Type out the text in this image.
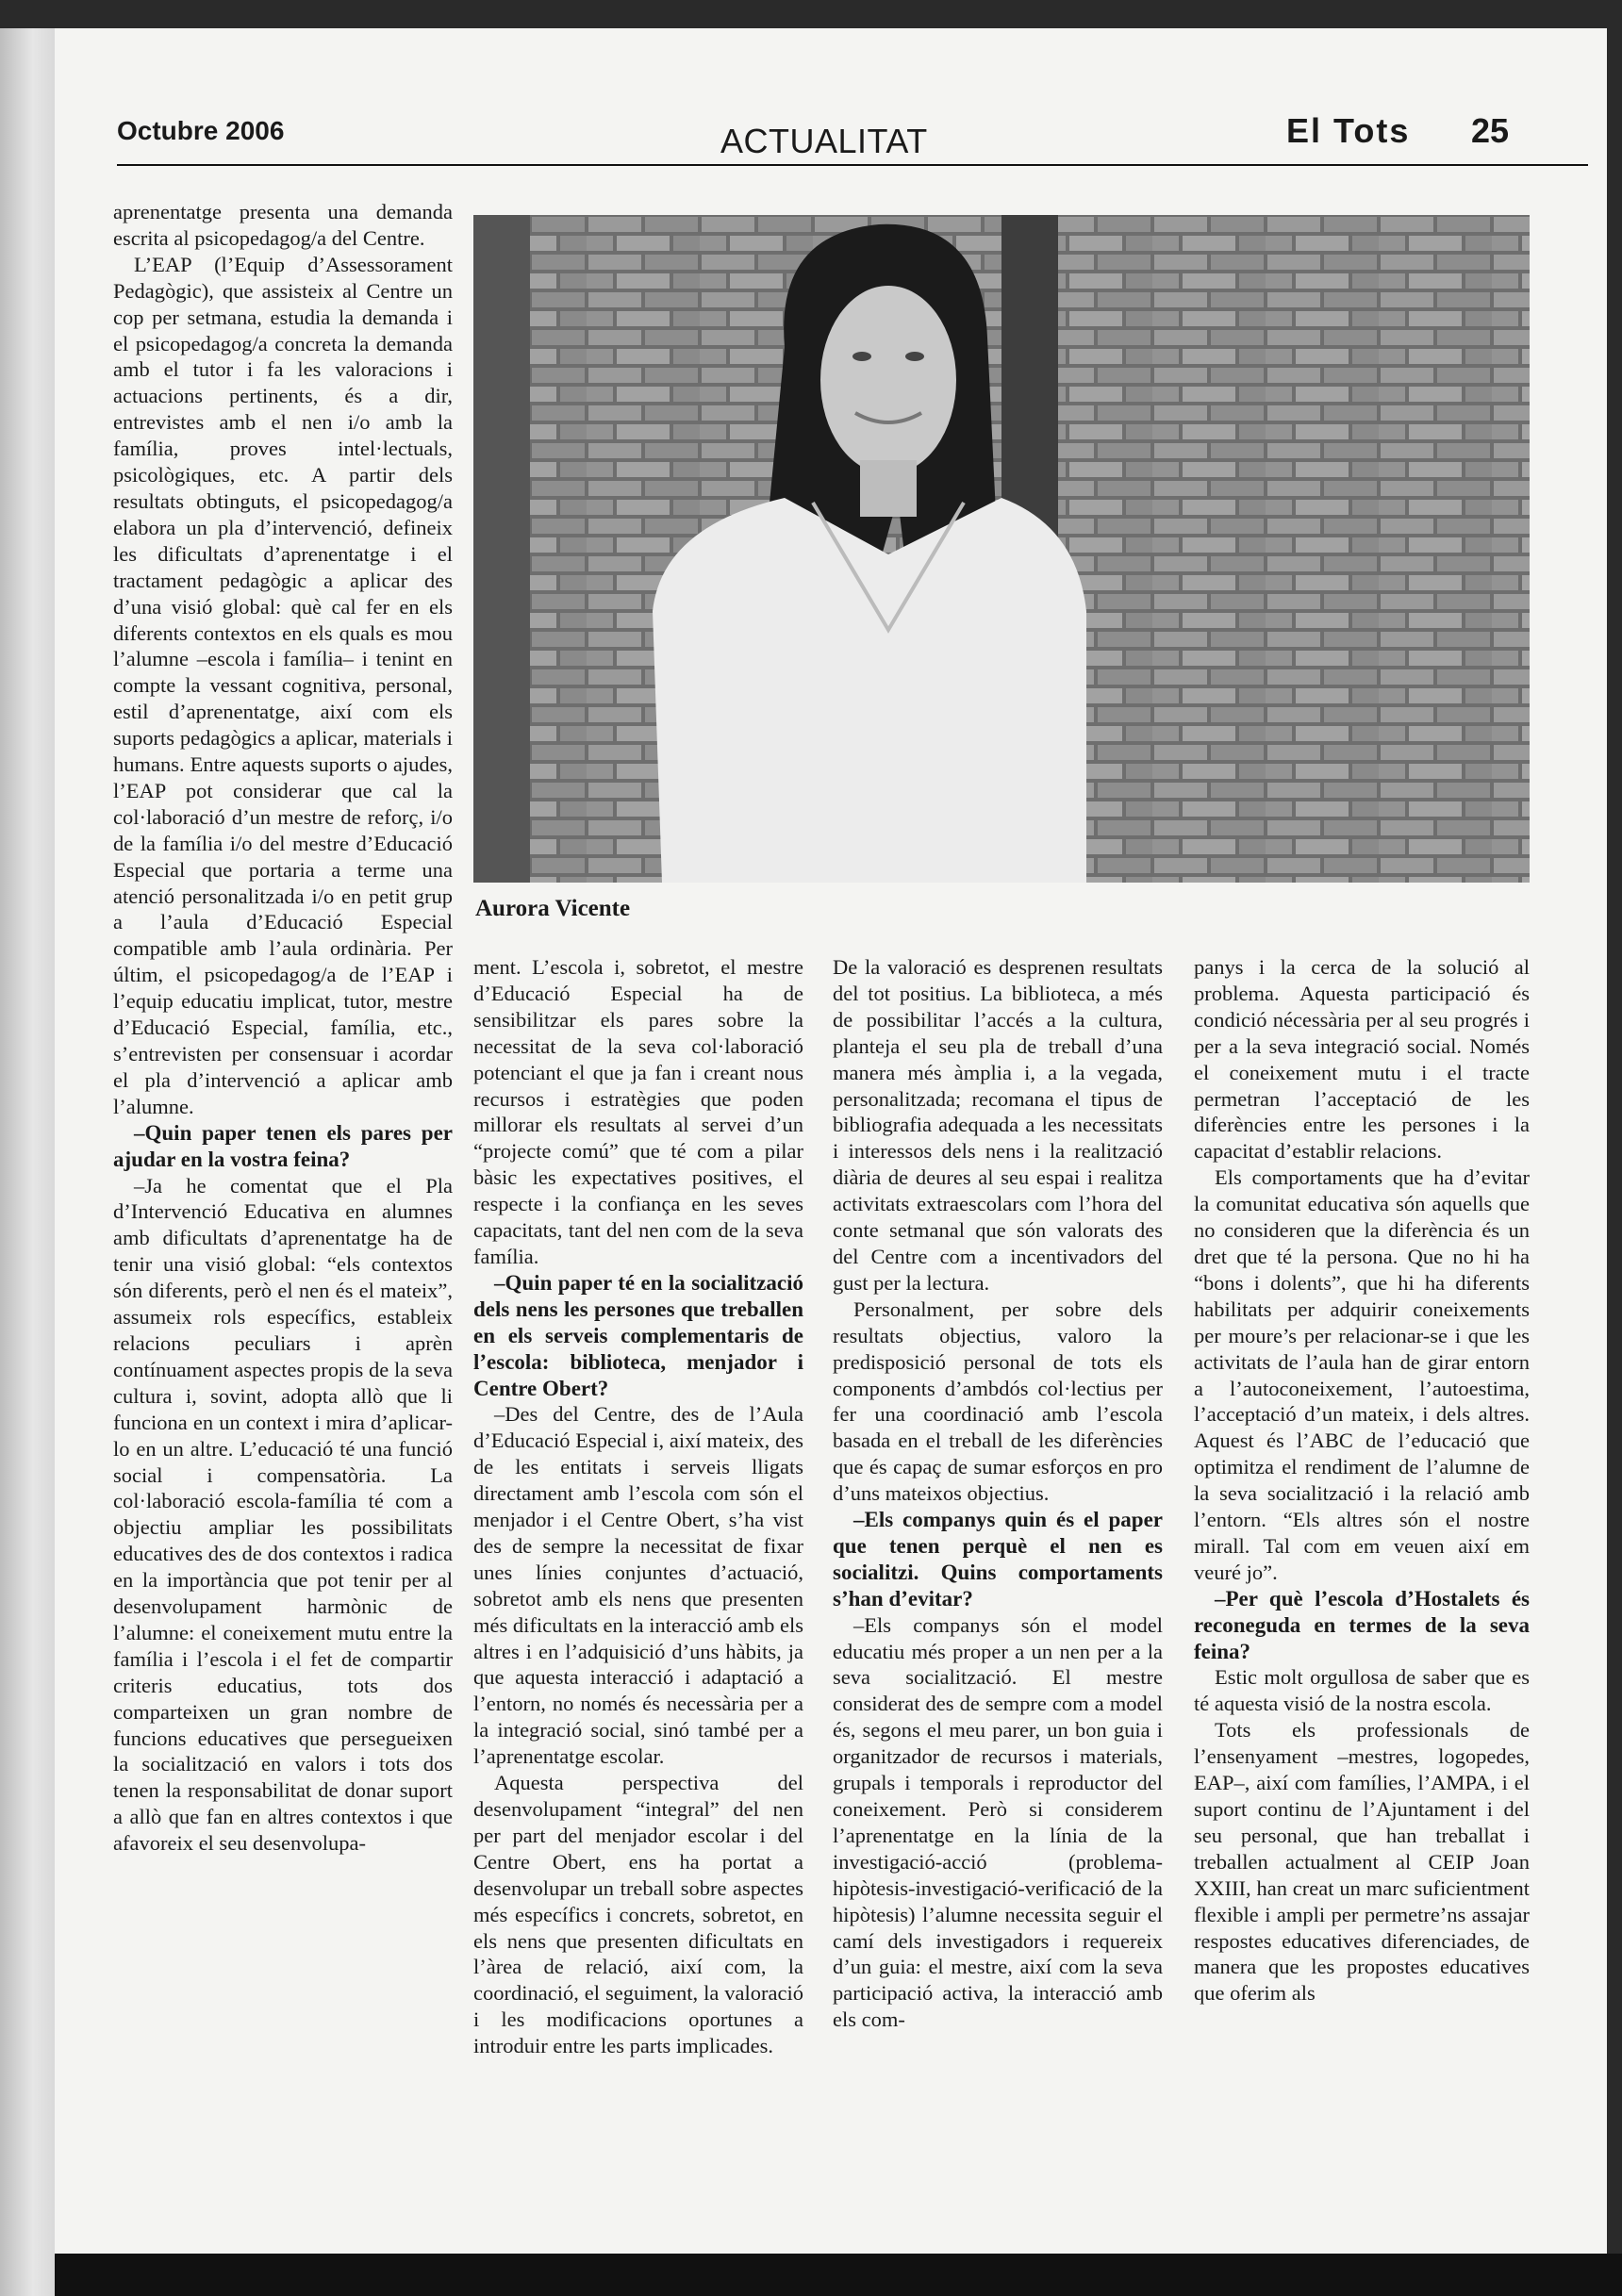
Octubre 2006	ACTUALITAT	El Tots 25

aprenentatge presenta una demanda escrita al psicopedagog/a del Centre.

L’EAP (l’Equip d’Assessorament Pedagògic), que assisteix al Centre un cop per setmana, estudia la demanda i el psicopedagog/a concreta la demanda amb el tutor i fa les valoracions i actuacions pertinents, és a dir, entrevistes amb el nen i/o amb la família, proves intel·lectuals, psicològiques, etc. A partir dels resultats obtinguts, el psicopedagog/a elabora un pla d’intervenció, defineix les dificultats d’aprenentatge i el tractament pedagògic a aplicar des d’una visió global: què cal fer en els diferents contextos en els quals es mou l’alumne –escola i família– i tenint en compte la vessant cognitiva, personal, estil d’aprenentatge, així com els suports pedagògics a aplicar, materials i humans. Entre aquests suports o ajudes, l’EAP pot considerar que cal la col·laboració d’un mestre de reforç, i/o de la família i/o del mestre d’Educació Especial que portaria a terme una atenció personalitzada i/o en petit grup a l’aula d’Educació Especial compatible amb l’aula ordinària. Per últim, el psicopedagog/a de l’EAP i l’equip educatiu implicat, tutor, mestre d’Educació Especial, família, etc., s’entrevisten per consensuar i acordar el pla d’intervenció a aplicar amb l’alumne.

–Quin paper tenen els pares per ajudar en la vostra feina?

–Ja he comentat que el Pla d’Intervenció Educativa en alumnes amb dificultats d’aprenentatge ha de tenir una visió global: “els contextos són diferents, però el nen és el mateix”, assumeix rols específics, estableix relacions peculiars i aprèn contínuament aspectes propis de la seva cultura i, sovint, adopta allò que li funciona en un context i mira d’aplicar-lo en un altre. L’educació té una funció social i compensatòria. La col·laboració escola-família té com a objectiu ampliar les possibilitats educatives des de dos contextos i radica en la importància que pot tenir per al desenvolupament harmònic de l’alumne: el coneixement mutu entre la família i l’escola i el fet de compartir criteris educatius, tots dos comparteixen un gran nombre de funcions educatives que persegueixen la socialització en valors i tots dos tenen la responsabilitat de donar suport a allò que fan en altres contextos i que afavoreix el seu desenvolupa-

Aurora Vicente

ment. L’escola i, sobretot, el mestre d’Educació Especial ha de sensibilitzar els pares sobre la necessitat de la seva col·laboració potenciant el que ja fan i creant nous recursos i estratègies que poden millorar els resultats al servei d’un “projecte comú” que té com a pilar bàsic les expectatives positives, el respecte i la confiança en les seves capacitats, tant del nen com de la seva família.

–Quin paper té en la socialització dels nens les persones que treballen en els serveis complementaris de l’escola: biblioteca, menjador i Centre Obert?

–Des del Centre, des de l’Aula d’Educació Especial i, així mateix, des de les entitats i serveis lligats directament amb l’escola com són el menjador i el Centre Obert, s’ha vist des de sempre la necessitat de fixar unes línies conjuntes d’actuació, sobretot amb els nens que presenten més dificultats en la interacció amb els altres i en l’adquisició d’uns hàbits, ja que aquesta interacció i adaptació a l’entorn, no només és necessària per a la integració social, sinó també per a l’aprenentatge escolar.

Aquesta perspectiva del desenvolupament “integral” del nen per part del menjador escolar i del Centre Obert, ens ha portat a desenvolupar un treball sobre aspectes més específics i concrets, sobretot, en els nens que presenten dificultats en l’àrea de relació, així com, la coordinació, el seguiment, la valoració i les modificacions oportunes a introduir entre les parts implicades.

De la valoració es desprenen resultats del tot positius. La biblioteca, a més de possibilitar l’accés a la cultura, planteja el seu pla de treball d’una manera més àmplia i, a la vegada, personalitzada; recomana el tipus de bibliografia adequada a les necessitats i interessos dels nens i la realització diària de deures al seu espai i realitza activitats extraescolars com l’hora del conte setmanal que són valorats des del Centre com a incentivadors del gust per la lectura.

Personalment, per sobre dels resultats objectius, valoro la predisposició personal de tots els components d’ambdós col·lectius per fer una coordinació amb l’escola basada en el treball de les diferències que és capaç de sumar esforços en pro d’uns mateixos objectius.

–Els companys quin és el paper que tenen perquè el nen es socialitzi. Quins comportaments s’han d’evitar?

–Els companys són el model educatiu més proper a un nen per a la seva socialització. El mestre considerat des de sempre com a model és, segons el meu parer, un bon guia i organitzador de recursos i materials, grupals i temporals i reproductor del coneixement. Però si considerem l’aprenentatge en la línia de la investigació-acció (problema-hipòtesis-investigació-verificació de la hipòtesis) l’alumne necessita seguir el camí dels investigadors i requereix d’un guia: el mestre, així com la seva participació activa, la interacció amb els com-

panys i la cerca de la solució al problema. Aquesta participació és condició nécessària per al seu progrés i per a la seva integració social. Només el coneixement mutu i el tracte permetran l’acceptació de les diferències entre les persones i la capacitat d’establir relacions.

Els comportaments que ha d’evitar la comunitat educativa són aquells que no consideren que la diferència és un dret que té la persona. Que no hi ha “bons i dolents”, que hi ha diferents habilitats per adquirir coneixements per moure’s per relacionar-se i que les activitats de l’aula han de girar entorn a l’autoconeixement, l’autoestima, l’acceptació d’un mateix, i dels altres. Aquest és l’ABC de l’educació que optimitza el rendiment de l’alumne de la seva socialització i la relació amb l’entorn. “Els altres són el nostre mirall. Tal com em veuen així em veuré jo”.

–Per què l’escola d’Hostalets és reconeguda en termes de la seva feina?

Estic molt orgullosa de saber que es té aquesta visió de la nostra escola.

Tots els professionals de l’ensenyament –mestres, logopedes, EAP–, així com famílies, l’AMPA, i el suport continu de l’Ajuntament i del seu personal, que han treballat i treballen actualment al CEIP Joan XXIII, han creat un marc suficientment flexible i ampli per permetre’ns assajar respostes educatives diferenciades, de manera que les propostes educatives que oferim als
